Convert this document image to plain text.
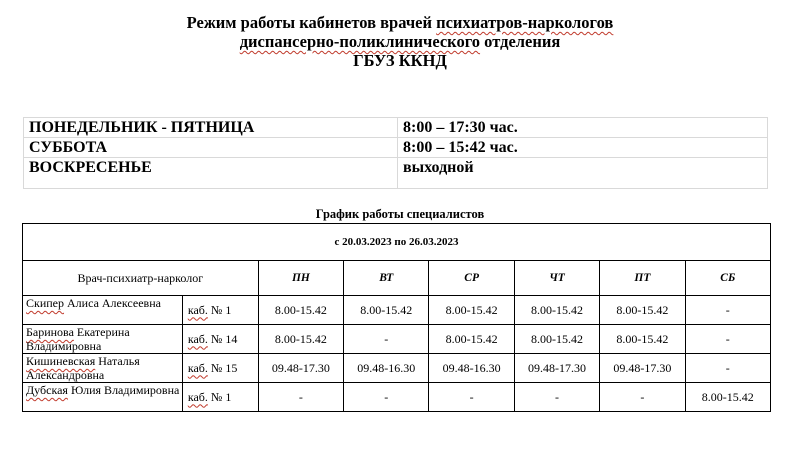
Режим работы кабинетов врачей психиатров-наркологов
диспансерно-поликлинического отделения
ГБУЗ ККНД
ПОНЕДЕЛЬНИК - ПЯТНИЦА	8:00 – 17:30 час.
СУББОТА	8:00 – 15:42 час.
ВОСКРЕСЕНЬЕ	выходной
График работы специалистов
с 20.03.2023 по 26.03.2023							
Врач-психиатр-нарколог		ПН	ВТ	СР	ЧТ	ПТ	СБ
Скипер Алиса Алексеевна	каб. № 1	8.00-15.42	8.00-15.42	8.00-15.42	8.00-15.42	8.00-15.42	-
Баринова Екатерина Владимировна	каб. № 14	8.00-15.42	-	8.00-15.42	8.00-15.42	8.00-15.42	-
Кишиневская Наталья Александровна	каб. № 15	09.48-17.30	09.48-16.30	09.48-16.30	09.48-17.30	09.48-17.30	-
Дубская Юлия Владимировна	каб. № 1	-	-	-	-	-	8.00-15.42
